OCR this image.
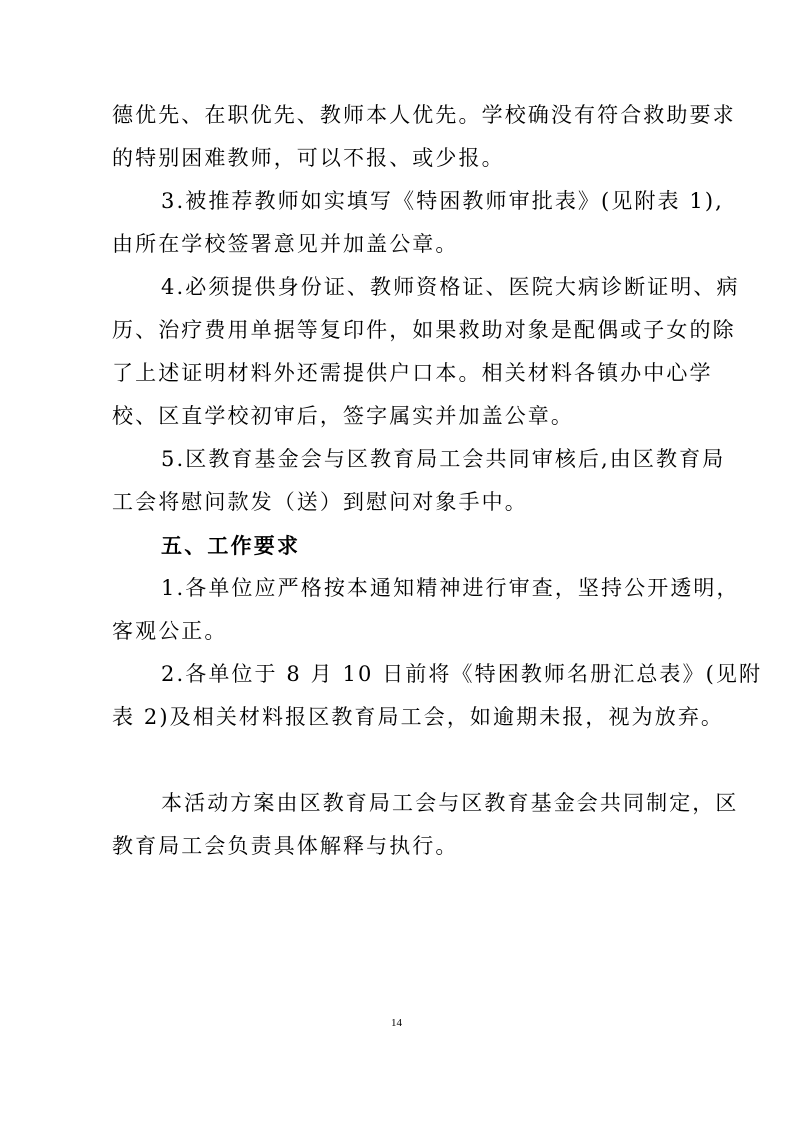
德优先、在职优先、教师本人优先。学校确没有符合救助要求
的特别困难教师，可以不报、或少报。
3.被推荐教师如实填写《特困教师审批表》(见附表 1),
由所在学校签署意见并加盖公章。
4.必须提供身份证、教师资格证、医院大病诊断证明、病
历、治疗费用单据等复印件，如果救助对象是配偶或子女的除
了上述证明材料外还需提供户口本。相关材料各镇办中心学
校、区直学校初审后，签字属实并加盖公章。
5.区教育基金会与区教育局工会共同审核后,由区教育局
工会将慰问款发（送）到慰问对象手中。
五、工作要求
1.各单位应严格按本通知精神进行审查，坚持公开透明，
客观公正。
2.各单位于 8 月 10 日前将《特困教师名册汇总表》(见附
表 2)及相关材料报区教育局工会，如逾期未报，视为放弃。
本活动方案由区教育局工会与区教育基金会共同制定，区
教育局工会负责具体解释与执行。
14
